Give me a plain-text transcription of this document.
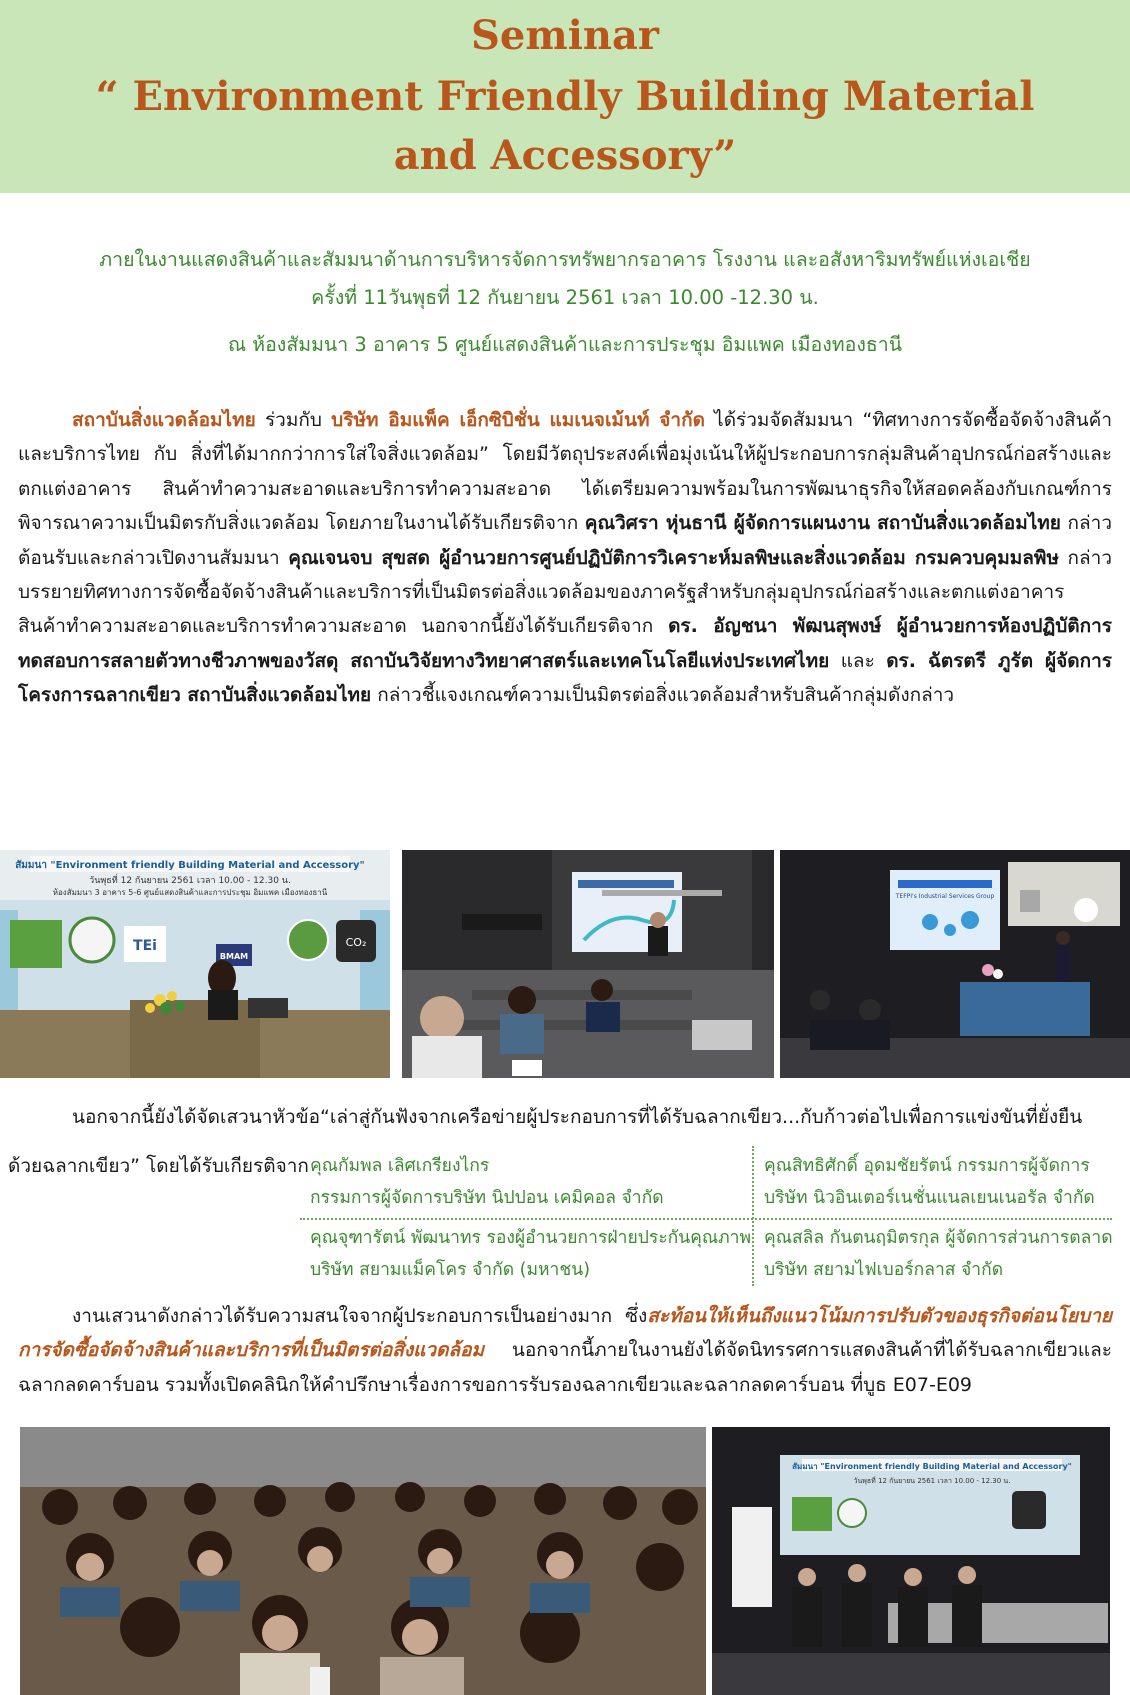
Seminar
“ Environment Friendly Building Material
and Accessory”
ภายในงานแสดงสินค้าและสัมมนาด้านการบริหารจัดการทรัพยากรอาคาร โรงงาน และอสังหาริมทรัพย์แห่งเอเชีย
ครั้งที่ 11วันพุธที่ 12 กันยายน 2561 เวลา 10.00 -12.30 น.
ณ ห้องสัมมนา 3 อาคาร 5 ศูนย์แสดงสินค้าและการประชุม อิมแพค เมืองทองธานี

สถาบันสิ่งแวดล้อมไทย ร่วมกับ บริษัท อิมแพ็ค เอ็กซิบิชั่น แมเนจเม้นท์ จำกัด ได้ร่วมจัดสัมมนา “ทิศทางการจัดซื้อจัดจ้างสินค้าและบริการไทย กับ สิ่งที่ได้มากกว่าการใส่ใจสิ่งแวดล้อม” โดยมีวัตถุประสงค์เพื่อมุ่งเน้นให้ผู้ประกอบการกลุ่มสินค้าอุปกรณ์ก่อสร้างและตกแต่งอาคาร สินค้าทำความสะอาดและบริการทำความสะอาด ได้เตรียมความพร้อมในการพัฒนาธุรกิจให้สอดคล้องกับเกณฑ์การพิจารณาความเป็นมิตรกับสิ่งแวดล้อม โดยภายในงานได้รับเกียรติจาก คุณวิศรา หุ่นธานี ผู้จัดการแผนงาน สถาบันสิ่งแวดล้อมไทย กล่าวต้อนรับและกล่าวเปิดงานสัมมนา คุณเจนจบ สุขสด ผู้อำนวยการศูนย์ปฏิบัติการวิเคราะห์มลพิษและสิ่งแวดล้อม กรมควบคุมมลพิษ กล่าวบรรยายทิศทางการจัดซื้อจัดจ้างสินค้าและบริการที่เป็นมิตรต่อสิ่งแวดล้อมของภาครัฐสำหรับกลุ่มอุปกรณ์ก่อสร้างและตกแต่งอาคาร สินค้าทำความสะอาดและบริการทำความสะอาด นอกจากนี้ยังได้รับเกียรติจาก ดร. อัญชนา พัฒนสุพงษ์ ผู้อำนวยการห้องปฏิบัติการทดสอบการสลายตัวทางชีวภาพของวัสดุ สถาบันวิจัยทางวิทยาศาสตร์และเทคโนโลยีแห่งประเทศไทย และ ดร. ฉัตรตรี ภูรัต ผู้จัดการโครงการฉลากเขียว สถาบันสิ่งแวดล้อมไทย กล่าวชี้แจงเกณฑ์ความเป็นมิตรต่อสิ่งแวดล้อมสำหรับสินค้ากลุ่มดังกล่าว

สัมมนา "Environment friendly Building Material and Accessory"
วันพุธที่ 12 กันยายน 2561 เวลา 10.00 - 12.30 น.
ห้องสัมมนา 3 อาคาร 5-6 ศูนย์แสดงสินค้าและการประชุม อิมแพค เมืองทองธานี
TEi	CO₂
BMAM
TEFPI's Industrial Services Group
นอกจากนี้ยังได้จัดเสวนาหัวข้อ“เล่าสู่กันฟังจากเครือข่ายผู้ประกอบการที่ได้รับฉลากเขียว...กับก้าวต่อไปเพื่อการแข่งขันที่ยั่งยืน
ด้วยฉลากเขียว” โดยได้รับเกียรติจาก คุณกัมพล เลิศเกรียงไกร
กรรมการผู้จัดการบริษัท นิปปอน เคมิคอล จำกัด
คุณสิทธิศักดิ์ อุดมชัยรัตน์ กรรมการผู้จัดการ
บริษัท นิวอินเตอร์เนชั่นแนลเยนเนอรัล จำกัด
คุณจุฑารัตน์ พัฒนาทร รองผู้อำนวยการฝ่ายประกันคุณภาพ
บริษัท สยามแม็คโคร จำกัด (มหาชน)
คุณสลิล กันตนฤมิตรกุล ผู้จัดการส่วนการตลาด
บริษัท สยามไฟเบอร์กลาส จำกัด

งานเสวนาดังกล่าวได้รับความสนใจจากผู้ประกอบการเป็นอย่างมาก ซึ่งสะท้อนให้เห็นถึงแนวโน้มการปรับตัวของธุรกิจต่อนโยบายการจัดซื้อจัดจ้างสินค้าและบริการที่เป็นมิตรต่อสิ่งแวดล้อม นอกจากนี้ภายในงานยังได้จัดนิทรรศการแสดงสินค้าที่ได้รับฉลากเขียวและฉลากลดคาร์บอน รวมทั้งเปิดคลินิกให้คำปรึกษาเรื่องการขอการรับรองฉลากเขียวและฉลากลดคาร์บอน ที่บูธ E07-E09

สัมมนา "Environment friendly Building Material and Accessory"
วันพุธที่ 12 กันยายน 2561 เวลา 10.00 - 12.30 น.
